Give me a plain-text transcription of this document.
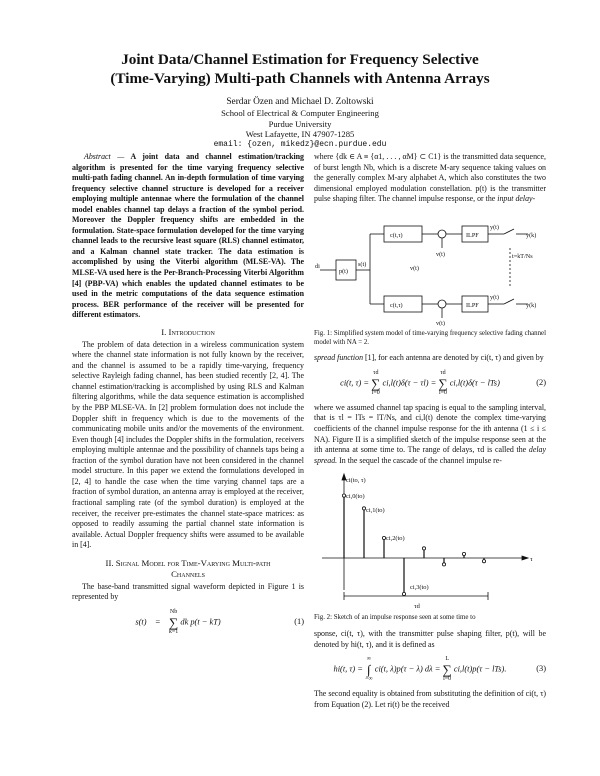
Joint Data/Channel Estimation for Frequency Selective

(Time-Varying) Multi-path Channels with Antenna Arrays

Serdar Özen and Michael D. Zoltowski
School of Electrical & Computer Engineering
Purdue University
West Lafayette, IN 47907-1285
email: {ozen, mikedz}@ecn.purdue.edu

Abstract — A joint data and channel estimation/tracking algorithm is presented for the time varying frequency selective multi-path fading channel. An in-depth formulation of time varying frequency selective channel structure is developed for a receiver employing multiple antennae where the formulation of the channel model enables channel tap delays a fraction of the symbol period. Moreover the Doppler frequency shifts are embedded in the formulation. State-space formulation developed for the time varying channel leads to the recursive least square (RLS) channel estimator, and a Kalman channel state tracker. The data estimation is accomplished by using the Viterbi algorithm (MLSE-VA). The MLSE-VA used here is the Per-Branch-Processing Viterbi Algorithm [4] (PBP-VA) which enables the updated channel estimates to be used in the metric computations of the data sequence estimation process. BER performance of the receiver will be presented for different estimators.

I. Introduction

The problem of data detection in a wireless communication system where the channel state information is not fully known by the receiver, and the channel is assumed to be a rapidly time-varying, frequency selective Rayleigh fading channel, has been studied recently [2, 4]. The channel estimation/tracking is accomplished by using RLS and Kalman filtering algorithms, while the data sequence estimation is accomplished by the PBP MLSE-VA. In [2] problem formulation does not include the Doppler shift in frequency which is due to the movements of the communicating mobile units and/or the movements of the environment. Even though [4] includes the Doppler shifts in the formulation, receivers employing multiple antennae and the possibility of channels taps being a fraction of the symbol duration have not been considered in the channel model structure. In this paper we extend the formulations developed in [2, 4] to handle the case when the time varying channel taps are a fraction of symbol duration, an antenna array is employed at the receiver, fractional sampling rate (of the symbol duration) is employed at the receiver, the receiver pre-estimates the channel state-space matrices: as opposed to readily assuming the partial channel state information is available. Actual Doppler frequency shifts were assumed to be available in [4].

II. Signal Model for Time-Varying Multi-path
Channels

The base-band transmitted signal waveform depicted in Figure 1 is represented by

s(t) =    Nb
∑
k=1 dk p(t − kT)	(1)

where {dk ∈ A ≡ {α1, . . . , αM} ⊂ C1} is the transmitted data sequence, of burst length Nb, which is a discrete M-ary sequence taking values on the generally complex M-ary alphabet A, which also constitutes the two dimensional employed modulation constellation. p(t) is the transmitter pulse shaping filter. The channel impulse response, or the input delay-

di
p(t)
s(t)
c(t,τ)
c(t,τ)
v(t)
v(t)
v(t)
ILPF
ILPF
y(t)
y(t)
y(k)
y(k)
t=kT/Ns

Fig. 1: Simplified system model of time-varying frequency selective fading channel model with NA = 2.

spread function [1], for each antenna are denoted by ci(t, τ) and given by

ci(t, τ) = τd
∑
l=0 ci,l(t)δ(τ − τl) = τd
∑
l=0 ci,l(t)δ(τ − lTs)	(2)

where we assumed channel tap spacing is equal to the sampling interval, that is τl = lTs = lT/Ns, and ci,l(t) denote the complex time-varying coefficients of the channel impulse response for the ith antenna (1 ≤ i ≤ NA). Figure II is a simplified sketch of the impulse response seen at the ith antenna at some time to. The range of delays, τd is called the delay spread. In the sequel the cascade of the channel impulse re-

ci(to, τ)
ci,0(to)
ci,1(to)
ci,2(to)
ci,3(to)
τ
τd

Fig. 2: Sketch of an impulse response seen at some time to

sponse, ci(t, τ), with the transmitter pulse shaping filter, p(t), will be denoted by hi(t, τ), and it is defined as

hi(t, τ) = ∞
∫
−∞ ci(t, λ)p(τ − λ) dλ = L
∑
l=0 ci,l(t)p(τ − lTs).	(3)

The second equality is obtained from substituting the definition of ci(t, τ) from Equation (2). Let ri(t) be the received
